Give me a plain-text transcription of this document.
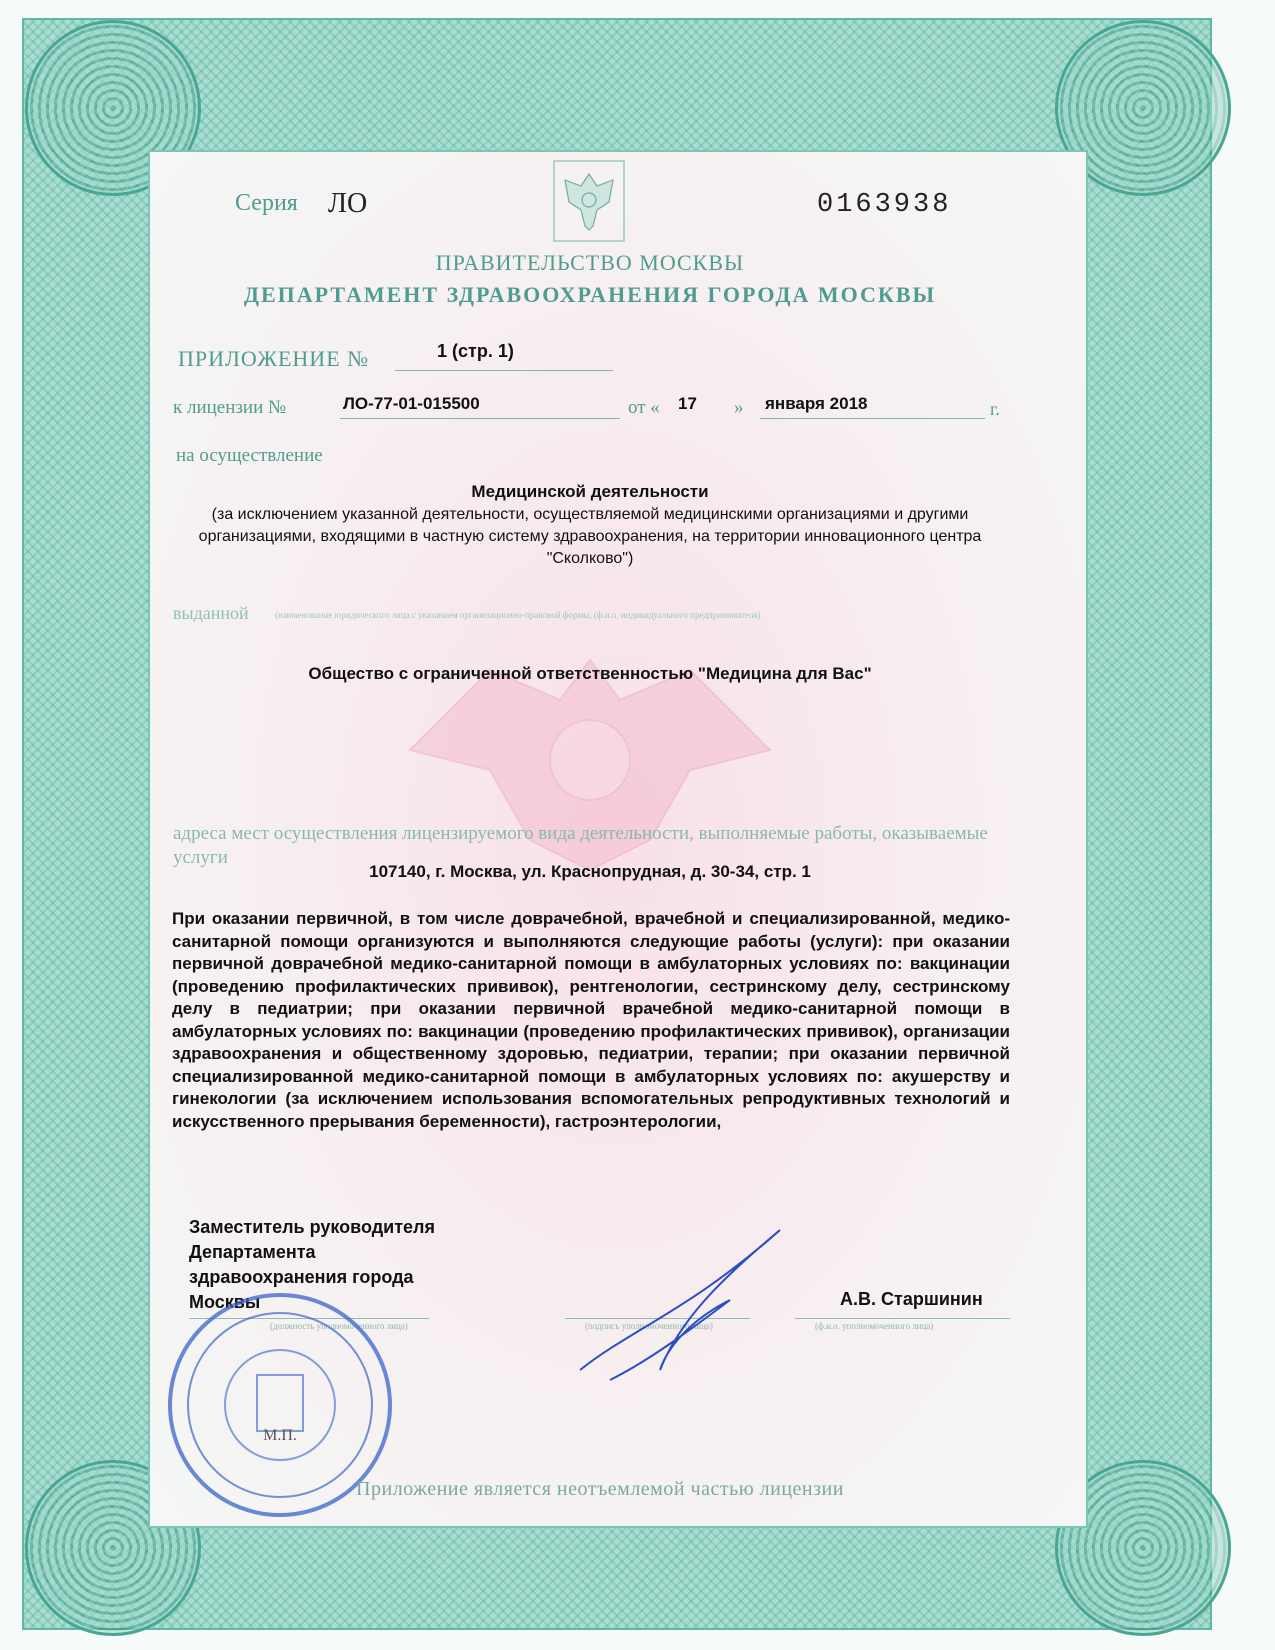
Серия ЛО	0163938
ПРАВИТЕЛЬСТВО МОСКВЫ
ДЕПАРТАМЕНТ ЗДРАВООХРАНЕНИЯ ГОРОДА МОСКВЫ
ПРИЛОЖЕНИЕ №	1 (стр. 1)
к лицензии №	ЛО-77-01-015500	от « 17 » января 2018	г.
на осуществление
Медицинской деятельности
(за исключением указанной деятельности, осуществляемой медицинскими организациями и другими организациями, входящими в частную систему здравоохранения, на территории инновационного центра "Сколково")
выданной	(наименование юридического лица с указанием организационно-правовой формы, (ф.и.о. индивидуального предпринимателя)
Общество с ограниченной ответственностью "Медицина для Вас"
адреса мест осуществления лицензируемого вида деятельности, выполняемые работы, оказываемые услуги
107140, г. Москва, ул. Краснопрудная, д. 30-34, стр. 1
При оказании первичной, в том числе доврачебной, врачебной и специализированной, медико-санитарной помощи организуются и выполняются следующие работы (услуги): при оказании первичной доврачебной медико-санитарной помощи в амбулаторных условиях по: вакцинации (проведению профилактических прививок), рентгенологии, сестринскому делу, сестринскому делу в педиатрии; при оказании первичной врачебной медико-санитарной помощи в амбулаторных условиях по: вакцинации (проведению профилактических прививок), организации здравоохранения и общественному здоровью, педиатрии, терапии; при оказании первичной специализированной медико-санитарной помощи в амбулаторных условиях по: акушерству и гинекологии (за исключением использования вспомогательных репродуктивных технологий и искусственного прерывания беременности), гастроэнтерологии,
Заместитель руководителя
Департамента
здравоохранения города
Москвы	А.В. Старшинин
(должность уполномоченного лица)	(подпись уполномоченного лица)	(ф.и.о. уполномоченного лица)
М.П.
Приложение является неотъемлемой частью лицензии
